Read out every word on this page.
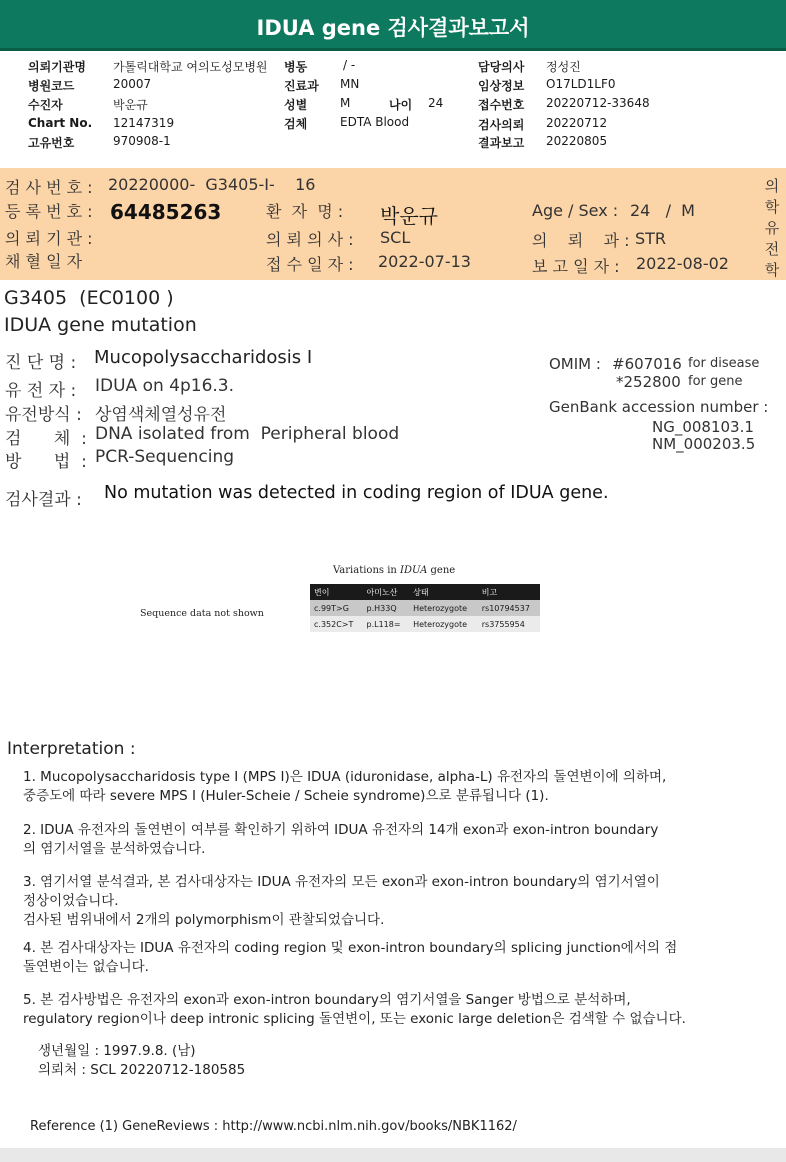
IDUA gene 검사결과보고서
의뢰기관명 가톨릭대학교 여의도성모병원 병동	/ -	담당의사 정성진
병원코드	20007	진료과 MN	임상정보 O17LD1LF0
수진자	박운규	성별	M	나이 24	접수번호 20220712-33648
Chart No. 12147319	검체	EDTA Blood	검사의뢰 20220712
고유번호	970908-1	결과보고 20220805
검 사 번 호 : 20220000-  G3405-I-    16
등 록 번 호 : 64485263	환  자  명 : 박운규	Age / Sex : 24   /  M
의 뢰 기 관 :	의 뢰 의 사 : SCL	의    뢰    과 : STR
채 혈 일 자	접 수 일 자 : 2022-07-13	보 고 일 자 : 2022-08-02
의
학
유
전
학
G3405  (EC0100 )
IDUA gene mutation
진 단 명 : Mucopolysaccharidosis I
유 전 자 : IDUA on 4p16.3.
유전방식 : 상염색체열성유전
검      체  : DNA isolated from  Peripheral blood
방      법  : PCR-Sequencing
OMIM : #607016 for disease
*252800 for gene
GenBank accession number :
NG_008103.1
NM_000203.5
검사결과 : No mutation was detected in coding region of IDUA gene.
Variations in IDUA gene
Sequence data not shown
변이	아미노산	상태	비고
c.99T>G	p.H33Q	Heterozygote	rs10794537
c.352C>T	p.L118=	Heterozygote	rs3755954
Interpretation :
1. Mucopolysaccharidosis type I (MPS I)은 IDUA (iduronidase, alpha-L) 유전자의 돌연변이에 의하며,
중증도에 따라 severe MPS I (Huler-Scheie / Scheie syndrome)으로 분류됩니다 (1).
2. IDUA 유전자의 돌연변이 여부를 확인하기 위하여 IDUA 유전자의 14개 exon과 exon-intron boundary
의 염기서열을 분석하였습니다.
3. 염기서열 분석결과, 본 검사대상자는 IDUA 유전자의 모든 exon과 exon-intron boundary의 염기서열이
정상이었습니다.
검사된 범위내에서 2개의 polymorphism이 관찰되었습니다.
4. 본 검사대상자는 IDUA 유전자의 coding region 및 exon-intron boundary의 splicing junction에서의 점
돌연변이는 없습니다.
5. 본 검사방법은 유전자의 exon과 exon-intron boundary의 염기서열을 Sanger 방법으로 분석하며,
regulatory region이나 deep intronic splicing 돌연변이, 또는 exonic large deletion은 검색할 수 없습니다.
생년월일 : 1997.9.8. (남)
의뢰처 : SCL 20220712-180585
Reference (1) GeneReviews : http://www.ncbi.nlm.nih.gov/books/NBK1162/
